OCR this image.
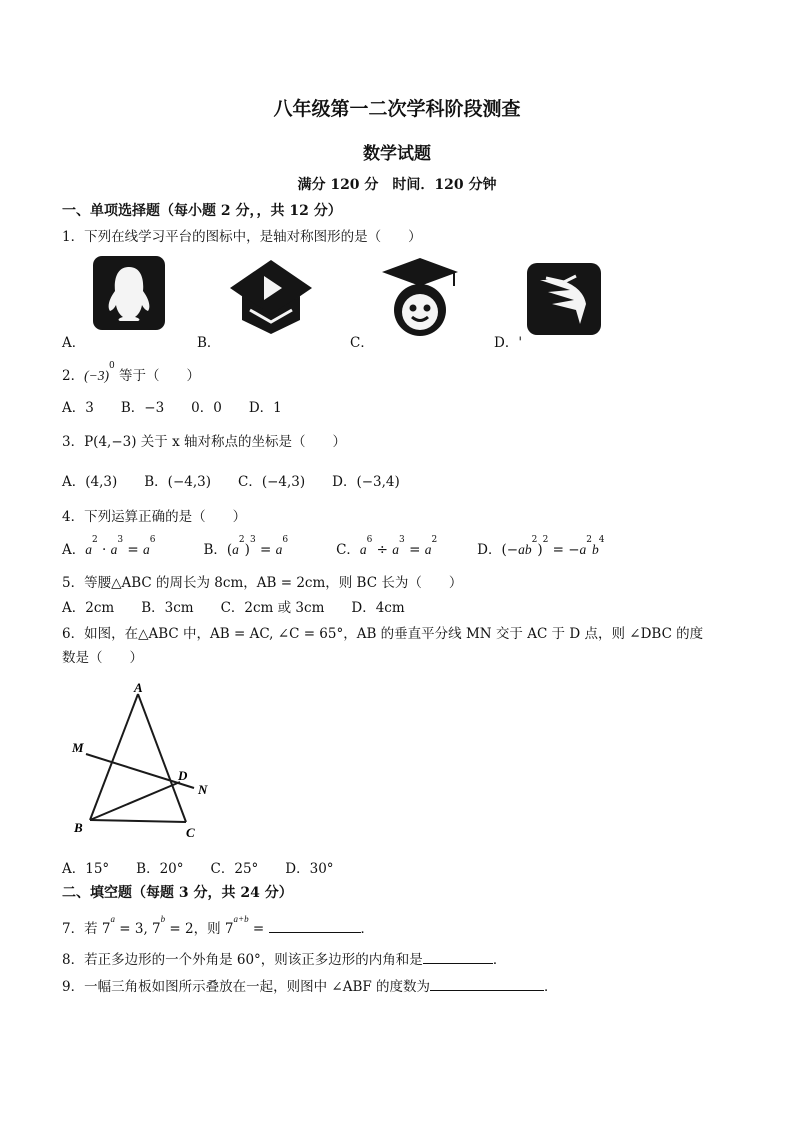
八年级第一二次学科阶段测查
数学试题
满分 120 分　时间．120 分钟
一、单项选择题（每小题 2 分，，共 12 分）
1．下列在线学习平台的图标中，是轴对称图形的是（　　）
A．	B．	C．	D．'
2．$(-3)^0$ 等于（　　）
A．3　　B．−3　　0．0　　D．1
3．P(4,−3) 关于 x 轴对称点的坐标是（　　）
A．(4,3)　　B．(−4,3)　　C．(−4,3)　　D．(−3,4)
4．下列运算正确的是（　　）
A．$a^2 \cdot a^3 = a^6B$．$(a^2)^3 = a^6C$．$a^6 \div a^3 = a^2D$．$(-ab^2)^2 = -a^2b^4$
5．等腰△ABC 的周长为 8cm，AB = 2cm，则 BC 长为（　　）
A．2cm　　B．3cm　　C．2cm 或 3cm　　D．4cm
6．如图，在△ABC 中，AB = AC, ∠C = 65°，AB 的垂直平分线 MN 交于 AC 于 D 点，则 ∠DBC 的度
数是（　　）
A
M
D
N
B	C
A．15°　　B．20°　　C．25°　　D．30°
二、填空题（每题 3 分，共 24 分）
7．若 $7^a = 3$, $7^b = 2$，则 $7^{a+b}$ =	．
8．若正多边形的一个外角是 60°，则该正多边形的内角和是	．
9．一幅三角板如图所示叠放在一起，则图中 ∠ABF 的度数为	．
